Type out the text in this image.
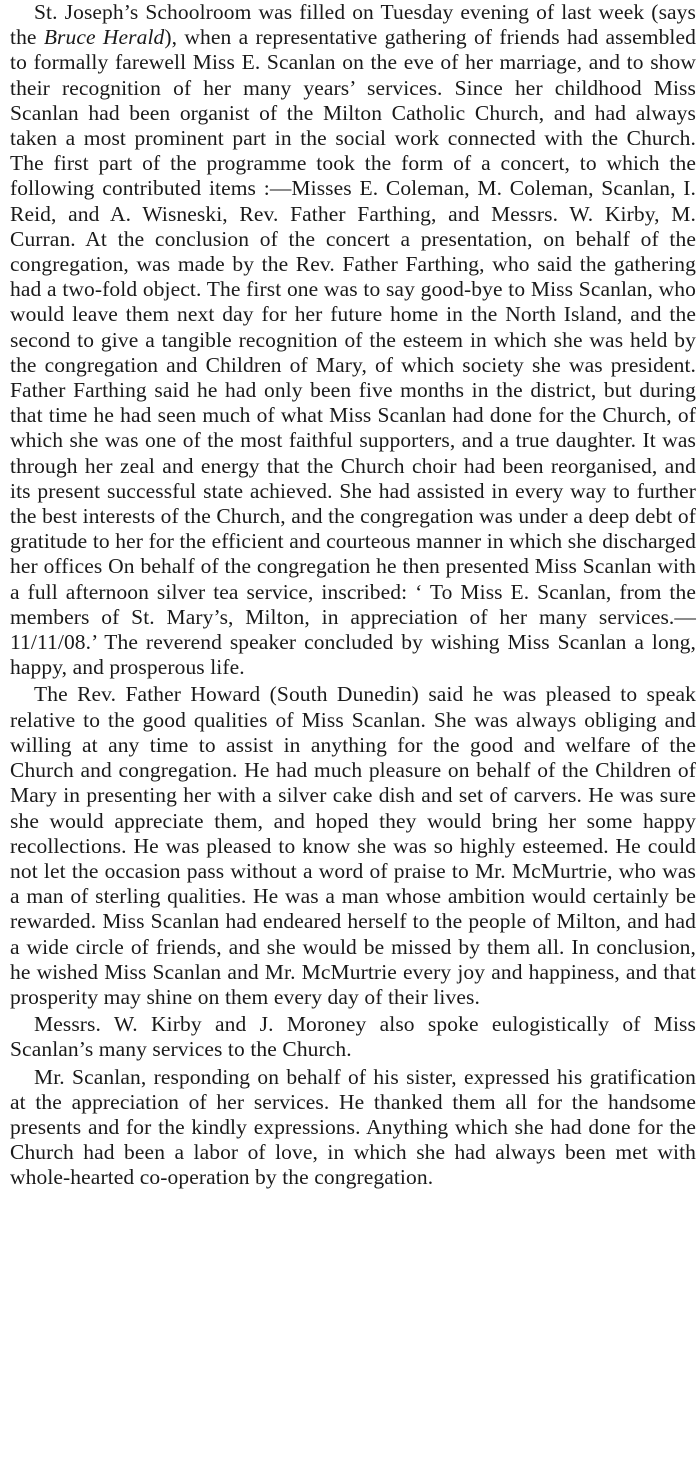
St. Joseph’s Schoolroom was filled on Tuesday evening of last week (says the Bruce Herald), when a representative gathering of friends had assembled to formally farewell Miss E. Scanlan on the eve of her marriage, and to show their recognition of her many years’ services. Since her childhood Miss Scanlan had been organist of the Milton Catholic Church, and had always taken a most prominent part in the social work connected with the Church. The first part of the programme took the form of a concert, to which the following contributed items :—Misses E. Coleman, M. Coleman, Scanlan, I. Reid, and A. Wisneski, Rev. Father Farthing, and Messrs. W. Kirby, M. Curran. At the conclusion of the concert a presentation, on behalf of the congregation, was made by the Rev. Father Farthing, who said the gathering had a two-fold object. The first one was to say good-bye to Miss Scanlan, who would leave them next day for her future home in the North Island, and the second to give a tangible recognition of the esteem in which she was held by the congregation and Children of Mary, of which society she was president. Father Farthing said he had only been five months in the district, but during that time he had seen much of what Miss Scanlan had done for the Church, of which she was one of the most faithful supporters, and a true daughter. It was through her zeal and energy that the Church choir had been reorganised, and its present successful state achieved. She had assisted in every way to further the best interests of the Church, and the congregation was under a deep debt of gratitude to her for the efficient and courteous manner in which she discharged her offices On behalf of the congregation he then presented Miss Scanlan with a full afternoon silver tea service, inscribed: ‘ To Miss E. Scanlan, from the members of St. Mary’s, Milton, in appreciation of her many services.—11/11/08.’ The reverend speaker concluded by wishing Miss Scanlan a long, happy, and prosperous life.

The Rev. Father Howard (South Dunedin) said he was pleased to speak relative to the good qualities of Miss Scanlan. She was always obliging and willing at any time to assist in anything for the good and welfare of the Church and congregation. He had much pleasure on behalf of the Children of Mary in presenting her with a silver cake dish and set of carvers. He was sure she would appreciate them, and hoped they would bring her some happy recollections. He was pleased to know she was so highly esteemed. He could not let the occasion pass without a word of praise to Mr. McMurtrie, who was a man of sterling qualities. He was a man whose ambition would certainly be rewarded. Miss Scanlan had endeared herself to the people of Milton, and had a wide circle of friends, and she would be missed by them all. In conclusion, he wished Miss Scanlan and Mr. McMurtrie every joy and happiness, and that prosperity may shine on them every day of their lives.

Messrs. W. Kirby and J. Moroney also spoke eulogistically of Miss Scanlan’s many services to the Church.

Mr. Scanlan, responding on behalf of his sister, expressed his gratification at the appreciation of her services. He thanked them all for the handsome presents and for the kindly expressions. Anything which she had done for the Church had been a labor of love, in which she had always been met with whole-hearted co-operation by the congregation.
